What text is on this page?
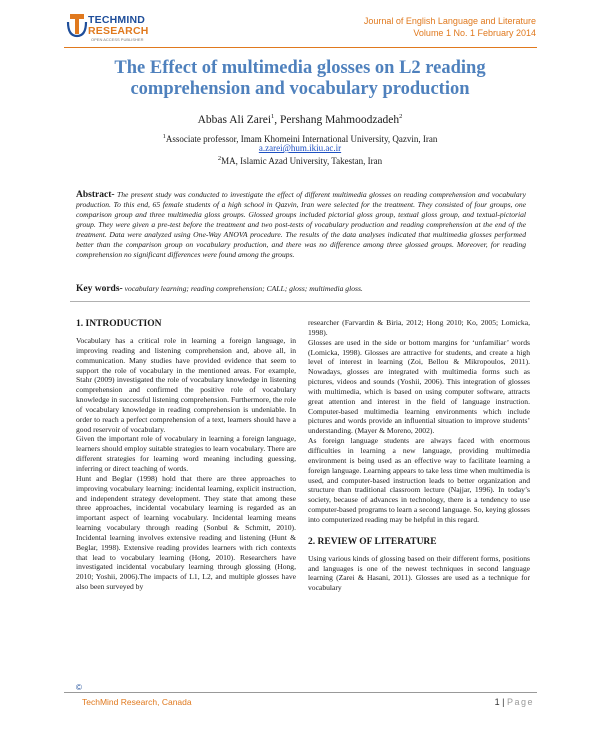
TECHMIND
RESEARCH
OPEN ACCESS PUBLISHER
Journal of English Language and Literature
Volume 1 No. 1 February 2014
The Effect of multimedia glosses on L2 reading comprehension and vocabulary production
Abbas Ali Zarei$^1$, Pershang Mahmoodzadeh$^2$
$^1$Associate professor, Imam Khomeini International University, Qazvin, Iran
a.zarei@hum.ikiu.ac.ir
$^2$MA, Islamic Azad University, Takestan, Iran
Abstract- The present study was conducted to investigate the effect of different multimedia glosses on reading comprehension and vocabulary production. To this end, 65 female students of a high school in Qazvin, Iran were selected for the treatment. They consisted of four groups, one comparison group and three multimedia gloss groups. Glossed groups included pictorial gloss group, textual gloss group, and textual-pictorial group. They were given a pre-test before the treatment and two post-tests of vocabulary production and reading comprehension at the end of the treatment. Data were analyzed using One-Way ANOVA procedure. The results of the data analyses indicated that multimedia glosses performed better than the comparison group on vocabulary production, and there was no difference among three glossed groups. Moreover, for reading comprehension no significant differences were found among the groups.
Key words- vocabulary learning; reading comprehension; CALL; gloss; multimedia gloss.

1. INTRODUCTION

Vocabulary has a critical role in learning a foreign language, in improving reading and listening comprehension and, above all, in communication. Many studies have provided evidence that seem to support the role of vocabulary in the mentioned areas. For example, Stahr (2009) investigated the role of vocabulary knowledge in listening comprehension and confirmed the positive role of vocabulary knowledge in successful listening comprehension. Furthermore, the role of vocabulary knowledge in reading comprehension is undeniable. In order to reach a perfect comprehension of a text, learners should have a good reservoir of vocabulary.

Given the important role of vocabulary in learning a foreign language, learners should employ suitable strategies to learn vocabulary. There are different strategies for learning word meaning including guessing, inferring or direct teaching of words.

Hunt and Beglar (1998) hold that there are three approaches to improving vocabulary learning: incidental learning, explicit instruction, and independent strategy development. They state that among these three approaches, incidental vocabulary learning is regarded as an important aspect of learning vocabulary. Incidental learning means learning vocabulary through reading (Sonbul & Schmitt, 2010). Incidental learning involves extensive reading and listening (Hunt & Beglar, 1998). Extensive reading provides learners with rich contexts that lead to vocabulary learning (Hong, 2010). Researchers have investigated incidental vocabulary learning through glossing (Hong, 2010; Yoshii, 2006).The impacts of L1, L2, and multiple glosses have also been surveyed by

researcher (Farvardin & Biria, 2012; Hong 2010; Ko, 2005; Lomicka, 1998).

Glosses are used in the side or bottom margins for ‘unfamiliar’ words (Lomicka, 1998). Glosses are attractive for students, and create a high level of interest in learning (Zoi, Bellou & Mikropoulos, 2011). Nowadays, glosses are integrated with multimedia forms such as pictures, videos and sounds (Yoshii, 2006). This integration of glosses with multimedia, which is based on using computer software, attracts great attention and interest in the field of language instruction. Computer-based multimedia learning environments which include pictures and words provide an influential situation to improve students’ understanding. (Mayer & Moreno, 2002).

As foreign language students are always faced with enormous difficulties in learning a new language, providing multimedia environment is being used as an effective way to facilitate learning a foreign language. Learning appears to take less time when multimedia is used, and computer-based instruction leads to better organization and structure than traditional classroom lecture (Najjar, 1996). In today’s society, because of advances in technology, there is a tendency to use computer-based programs to learn a second language. So, keying glosses into computerized reading may be helpful in this regard.

2. REVIEW OF LITERATURE

Using various kinds of glossing based on their different forms, positions and languages is one of the newest techniques in second language learning (Zarei & Hasani, 2011). Glosses are used as a technique for vocabulary

©
TechMind Research, Canada	1 | Page
